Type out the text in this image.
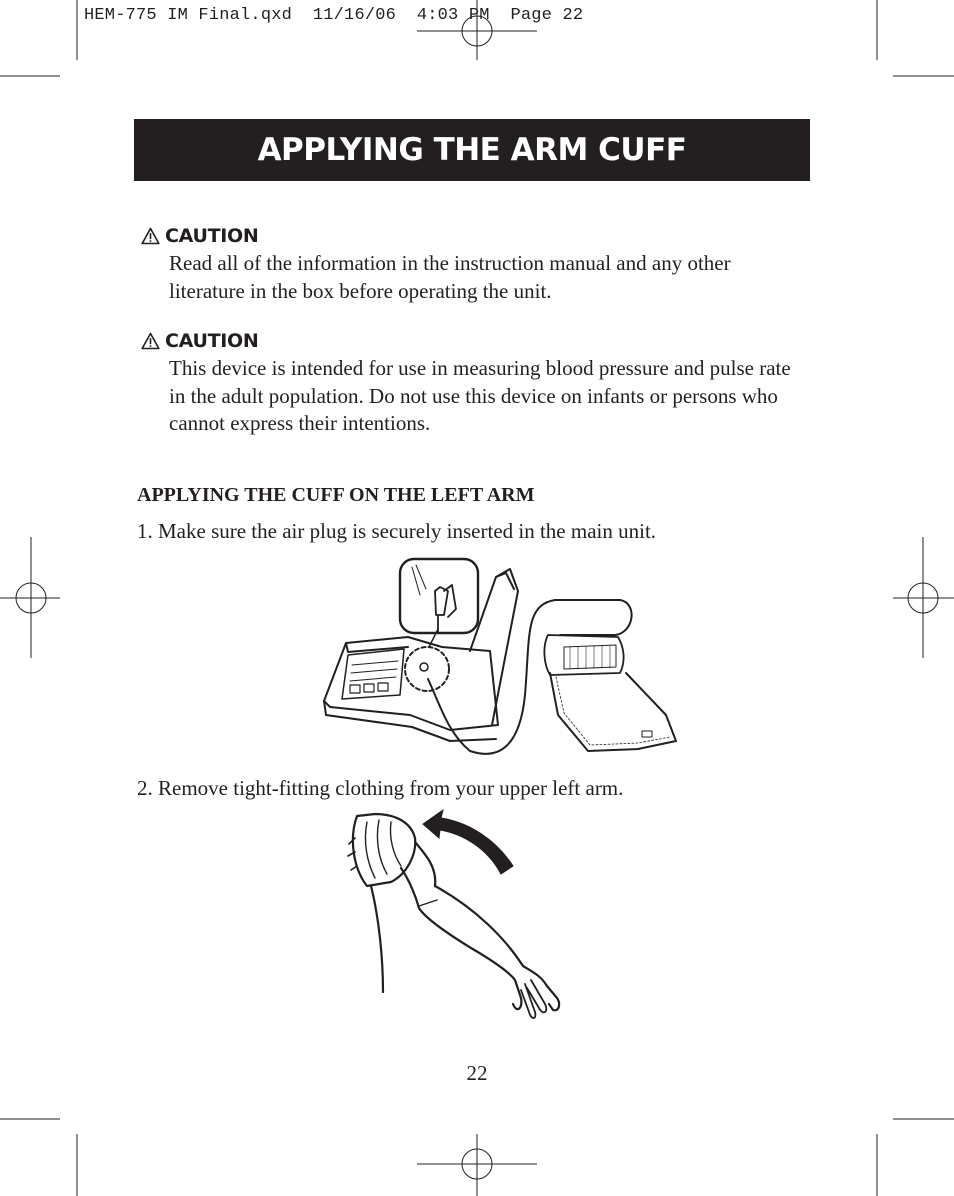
HEM-775 IM Final.qxd  11/16/06  4:03 PM  Page 22
APPLYING THE ARM CUFF
CAUTION
Read all of the information in the instruction manual and any other literature in the box before operating the unit.
CAUTION
This device is intended for use in measuring blood pressure and pulse rate in the adult population. Do not use this device on infants or persons who cannot express their intentions.
APPLYING THE CUFF ON THE LEFT ARM
1. Make sure the air plug is securely inserted in the main unit.
2. Remove tight-fitting clothing from your upper left arm.
22
